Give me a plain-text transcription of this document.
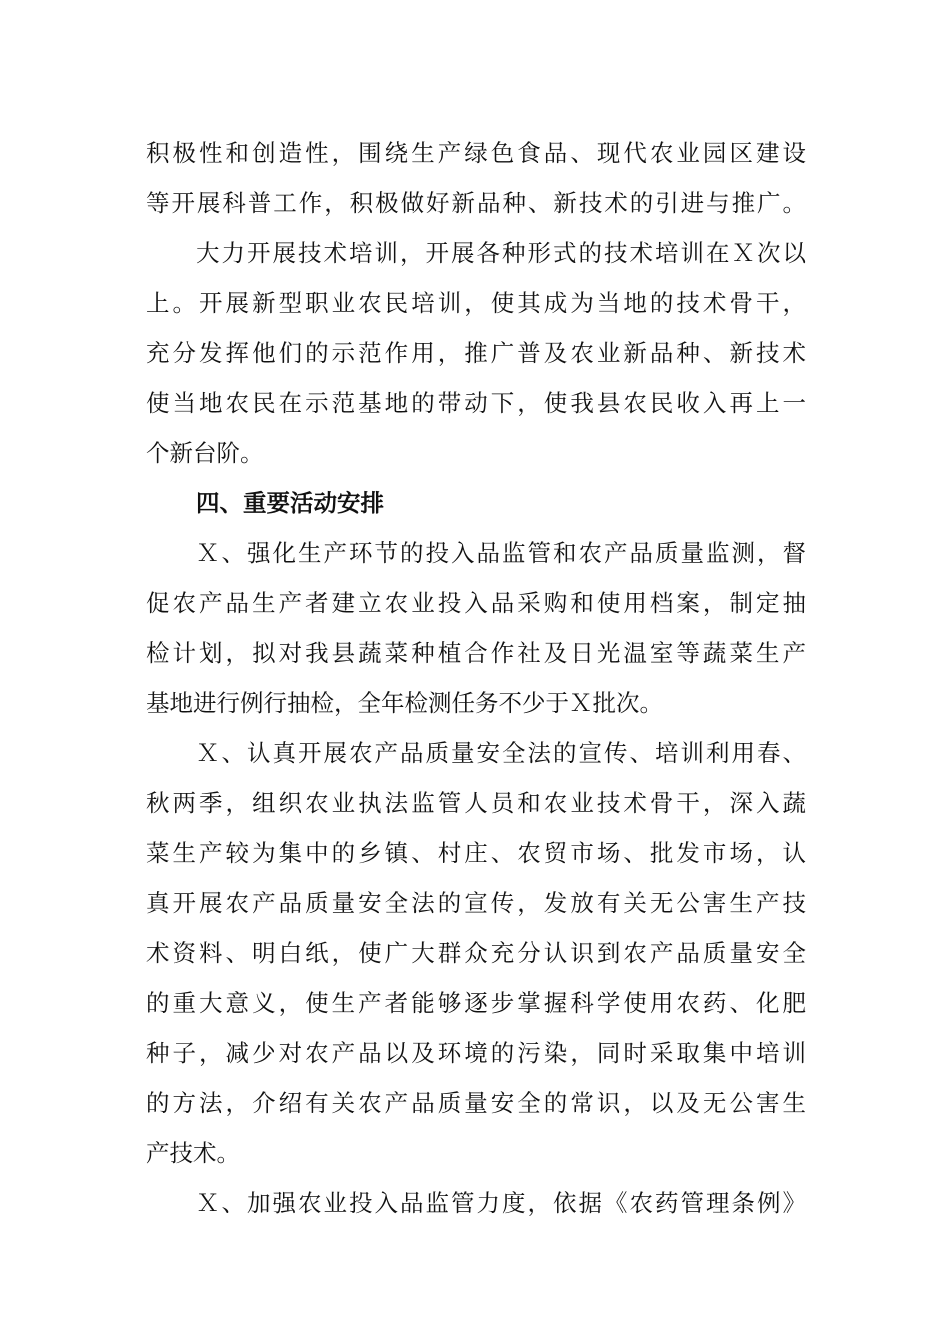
积极性和创造性，围绕生产绿色食品、现代农业园区建设
等开展科普工作，积极做好新品种、新技术的引进与推广。
大力开展技术培训，开展各种形式的技术培训在Ｘ次以
上。开展新型职业农民培训，使其成为当地的技术骨干，
充分发挥他们的示范作用，推广普及农业新品种、新技术
使当地农民在示范基地的带动下，使我县农民收入再上一
个新台阶。
四、重要活动安排
Ｘ、强化生产环节的投入品监管和农产品质量监测，督
促农产品生产者建立农业投入品采购和使用档案，制定抽
检计划，拟对我县蔬菜种植合作社及日光温室等蔬菜生产
基地进行例行抽检，全年检测任务不少于Ｘ批次。
Ｘ、认真开展农产品质量安全法的宣传、培训利用春、
秋两季，组织农业执法监管人员和农业技术骨干，深入蔬
菜生产较为集中的乡镇、村庄、农贸市场、批发市场，认
真开展农产品质量安全法的宣传，发放有关无公害生产技
术资料、明白纸，使广大群众充分认识到农产品质量安全
的重大意义，使生产者能够逐步掌握科学使用农药、化肥
种子，减少对农产品以及环境的污染，同时采取集中培训
的方法，介绍有关农产品质量安全的常识，以及无公害生
产技术。
Ｘ、加强农业投入品监管力度，依据《农药管理条例》
